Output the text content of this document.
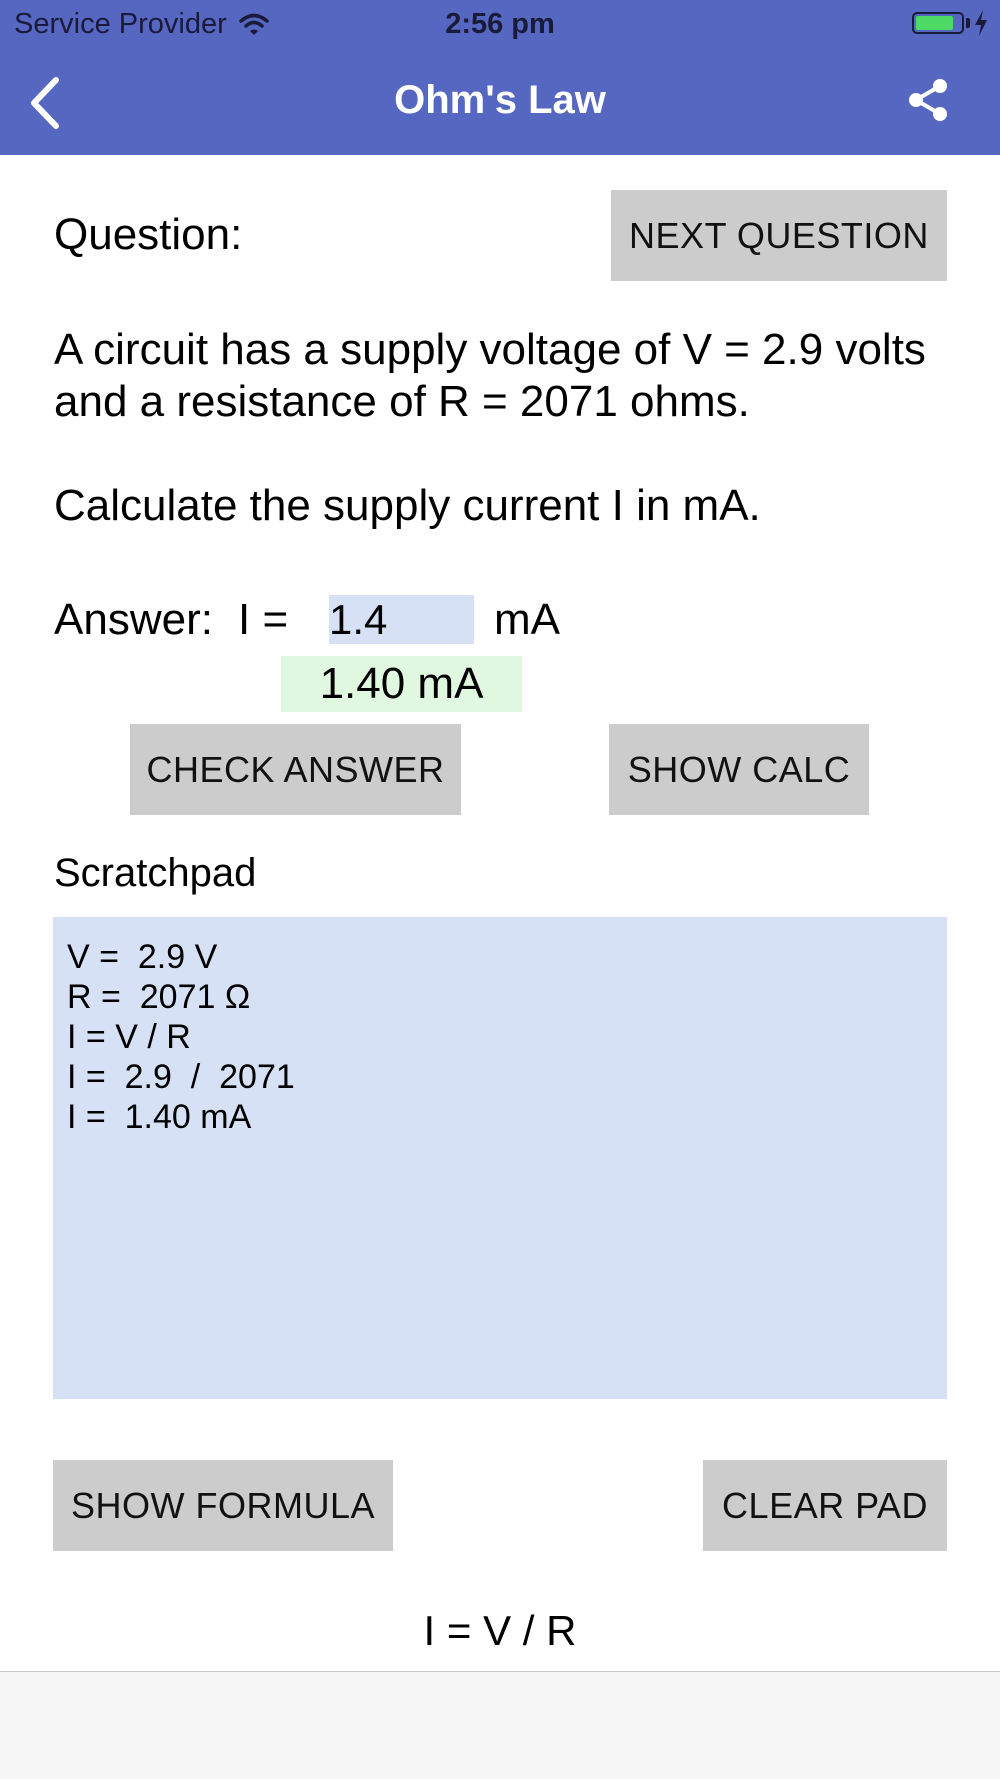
Service Provider	2:56 pm
Ohm's Law
Question:	NEXT QUESTION
A circuit has a supply voltage of V = 2.9 volts
and a resistance of R = 2071 ohms.
Calculate the supply current I in mA.
Answer: I =
1.4	mA
1.40 mA
CHECK ANSWER	SHOW CALC
Scratchpad
V =  2.9 V
R =  2071 Ω
I = V / R
I =  2.9  /  2071
I =  1.40 mA
SHOW FORMULA	CLEAR PAD
I = V / R
